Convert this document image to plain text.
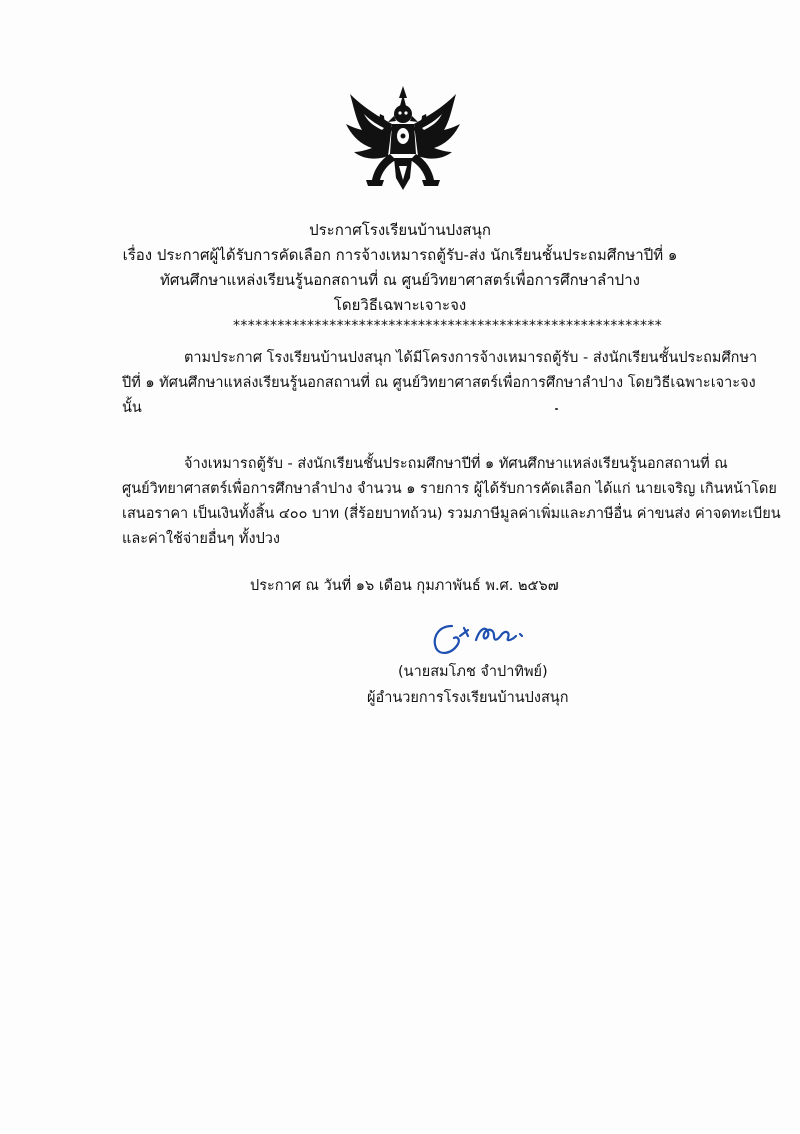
ประกาศโรงเรียนบ้านปงสนุก
เรื่อง ประกาศผู้ได้รับการคัดเลือก การจ้างเหมารถตู้รับ-ส่ง นักเรียนชั้นประถมศึกษาปีที่ ๑
ทัศนศึกษาแหล่งเรียนรู้นอกสถานที่ ณ ศูนย์วิทยาศาสตร์เพื่อการศึกษาลำปาง
โดยวิธีเฉพาะเจาะจง
**********************************************************
ตามประกาศ โรงเรียนบ้านปงสนุก ได้มีโครงการจ้างเหมารถตู้รับ - ส่งนักเรียนชั้นประถมศึกษา
ปีที่ ๑ ทัศนศึกษาแหล่งเรียนรู้นอกสถานที่ ณ ศูนย์วิทยาศาสตร์เพื่อการศึกษาลำปาง โดยวิธีเฉพาะเจาะจง
นั้น
จ้างเหมารถตู้รับ - ส่งนักเรียนชั้นประถมศึกษาปีที่ ๑ ทัศนศึกษาแหล่งเรียนรู้นอกสถานที่ ณ
ศูนย์วิทยาศาสตร์เพื่อการศึกษาลำปาง จำนวน ๑ รายการ ผู้ได้รับการคัดเลือก ได้แก่ นายเจริญ เกินหน้าโดย
เสนอราคา เป็นเงินทั้งสิ้น ๔๐๐ บาท (สี่ร้อยบาทถ้วน) รวมภาษีมูลค่าเพิ่มและภาษีอื่น ค่าขนส่ง ค่าจดทะเบียน
และค่าใช้จ่ายอื่นๆ ทั้งปวง
ประกาศ ณ วันที่ ๑๖ เดือน กุมภาพันธ์ พ.ศ. ๒๕๖๗
(นายสมโภช จำปาทิพย์)
ผู้อำนวยการโรงเรียนบ้านปงสนุก
